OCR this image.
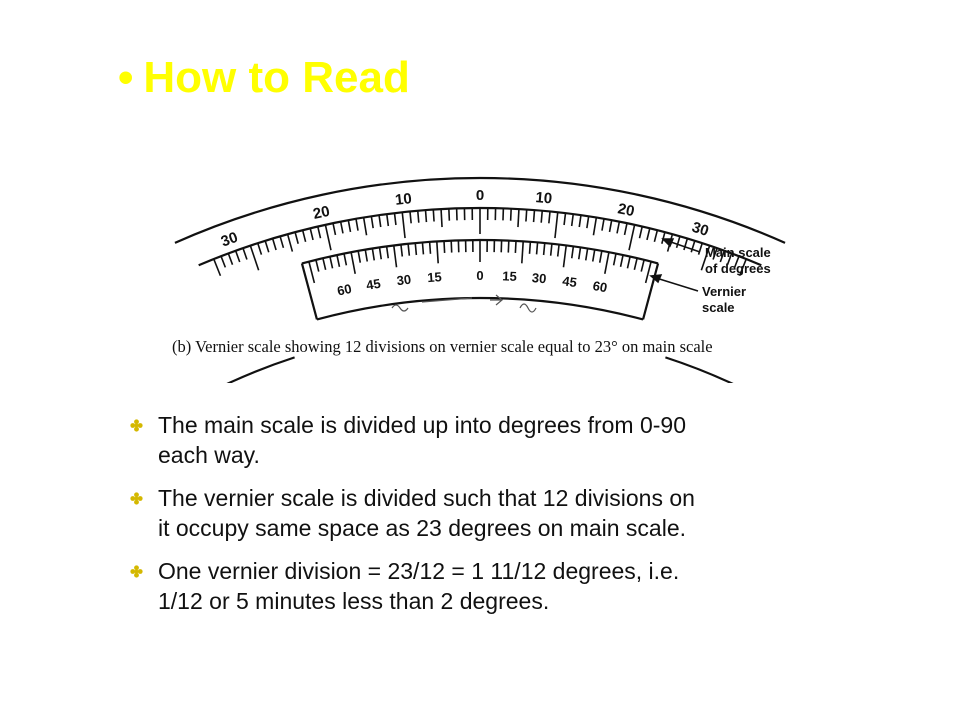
• How to Read
30
20
10	0	10
20
30
60 45 30 15	0 15 30 45 60
Main scale
of degrees
Vernier
scale
(b) Vernier scale showing 12 divisions on vernier scale equal to 23° on main scale
The main scale is divided up into degrees from 0-90
each way.
The vernier scale is divided such that 12 divisions on
it occupy same space as 23 degrees on main scale.
One vernier division = 23/12 = 1 11/12 degrees, i.e.
1/12 or 5 minutes less than 2 degrees.
